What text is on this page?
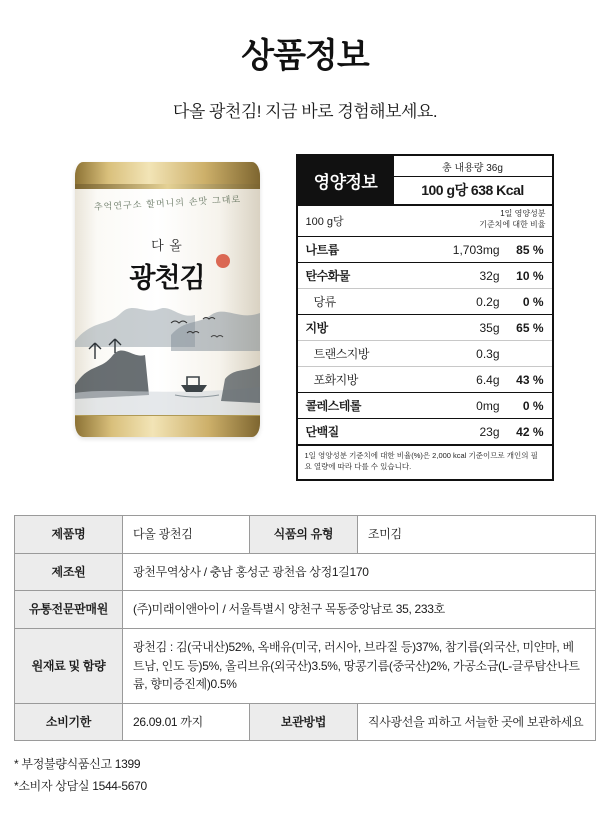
상품정보
다올 광천김! 지금 바로 경험해보세요.
추억연구소 할머니의 손맛 그대로
다 올
광천김
영양정보
총 내용량 36g
100 g당 638 Kcal
100 g당
1일 영양성분
기준치에 대한 비율
나트륨	1,703mg	85 %
탄수화물	32g	10 %
당류	0.2g	0 %
지방	35g	65 %
트랜스지방	0.3g	
포화지방	6.4g	43 %
콜레스테롤	0mg	0 %
단백질	23g	42 %
1일 영양성분 기준치에 대한 비율(%)은 2,000 kcal 기준이므로 개인의 필요 열량에 따라 다를 수 있습니다.
제품명	다올 광천김	식품의 유형	조미김
제조원	광천무역상사 / 충남 홍성군 광천읍 상정1길170		
유통전문판매원	(주)미래이앤아이 / 서울특별시 양천구 목동중앙남로 35, 233호		
원재료 및 함량	광천김 : 김(국내산)52%, 옥배유(미국, 러시아, 브라질 등)37%, 참기름(외국산, 미얀마, 베트남, 인도 등)5%, 올리브유(외국산)3.5%, 땅콩기름(중국산)2%, 가공소금(L-글루탐산나트륨, 향미증진제)0.5%		
소비기한	26.09.01 까지	보관방법	직사광선을 피하고 서늘한 곳에 보관하세요
* 부정불량식품신고 1399
*소비자 상담실 1544-5670
